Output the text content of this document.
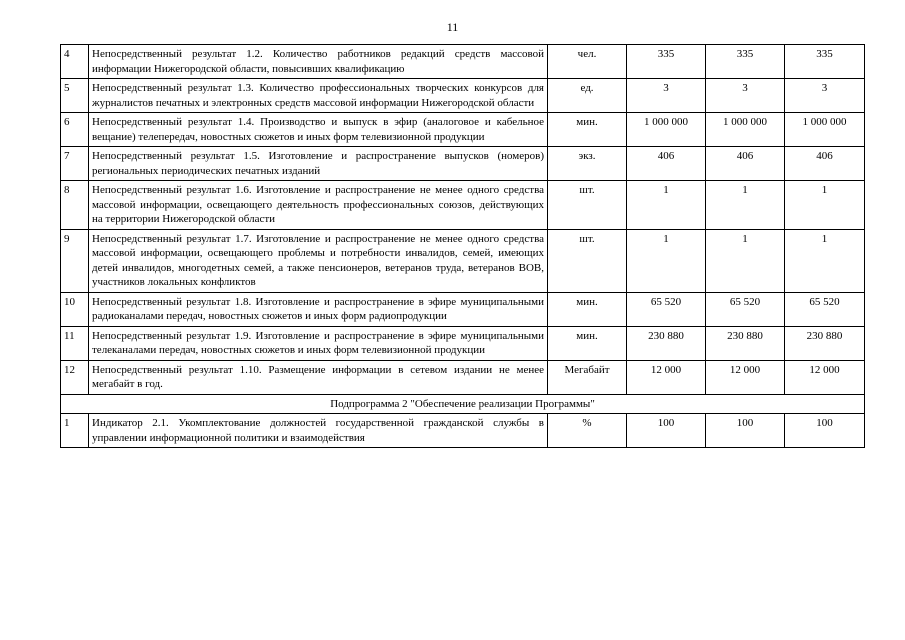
11
4	Непосредственный результат 1.2. Количество работников редакций средств массовой информации Нижегородской области, повысивших квалификацию	чел.	335	335	335
5	Непосредственный результат 1.3. Количество профессиональных творческих конкурсов для журналистов печатных и электронных средств массовой информации Нижегородской области	ед.	3	3	3
6	Непосредственный результат 1.4. Производство и выпуск в эфир (аналоговое и кабельное вещание) телепередач, новостных сюжетов и иных форм телевизионной продукции	мин.	1 000 000	1 000 000	1 000 000
7	Непосредственный результат 1.5. Изготовление и распространение выпусков (номеров) региональных периодических печатных изданий	экз.	406	406	406
8	Непосредственный результат 1.6. Изготовление и распространение не менее одного средства массовой информации, освещающего деятельность профессиональных союзов, действующих на территории Нижегородской области	шт.	1	1	1
9	Непосредственный результат 1.7. Изготовление и распространение не менее одного средства массовой информации, освещающего проблемы и потребности инвалидов, семей, имеющих детей инвалидов, многодетных семей, а также пенсионеров, ветеранов труда, ветеранов ВОВ, участников локальных конфликтов	шт.	1	1	1
10	Непосредственный результат 1.8. Изготовление и распространение в эфире муниципальными радиоканалами передач, новостных сюжетов и иных форм радиопродукции	мин.	65 520	65 520	65 520
11	Непосредственный результат 1.9. Изготовление и распространение в эфире муниципальными телеканалами передач, новостных сюжетов и иных форм телевизионной продукции	мин.	230 880	230 880	230 880
12	Непосредственный результат 1.10. Размещение информации в сетевом издании не менее мегабайт в год.	Мегабайт	12 000	12 000	12 000
Подпрограмма 2 "Обеспечение реализации Программы"					
1	Индикатор 2.1. Укомплектование должностей государственной гражданской службы в управлении информационной политики и взаимодействия	%	100	100	100
